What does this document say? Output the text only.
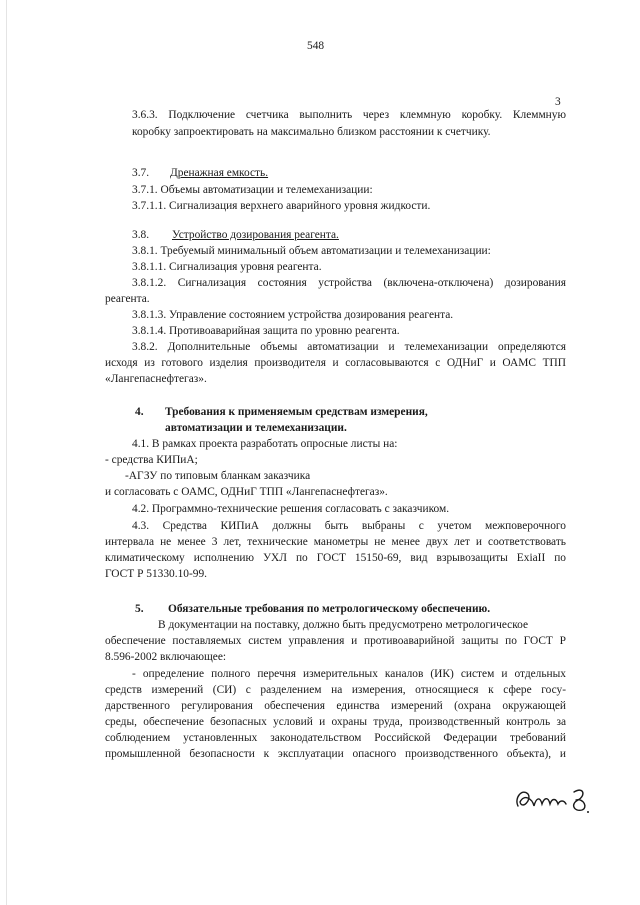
548
3
3.6.3. Подключение счетчика выполнить через клеммную коробку. Клеммную
коробку запроектировать на максимально близком расстоянии к счетчику.
3.7. Дренажная емкость.
3.7.1. Объемы автоматизации и телемеханизации:
3.7.1.1. Сигнализация верхнего аварийного уровня жидкости.
3.8. Устройство дозирования реагента.
3.8.1. Требуемый минимальный объем автоматизации и телемеханизации:
3.8.1.1. Сигнализация уровня реагента.
3.8.1.2. Сигнализация состояния устройства (включена-отключена) дозирования
реагента.
3.8.1.3. Управление состоянием устройства дозирования реагента.
3.8.1.4. Противоаварийная защита по уровню реагента.
3.8.2. Дополнительные объемы автоматизации и телемеханизации определяются
исходя из готового изделия производителя и согласовываются с ОДНиГ и ОАМС ТПП
«Лангепаснефтегаз».
4. Требования к применяемым средствам измерения,
автоматизации и телемеханизации.
4.1. В рамках проекта разработать опросные листы на:
- средства КИПиА;
-АГЗУ по типовым бланкам заказчика
и согласовать с ОАМС, ОДНиГ ТПП «Лангепаснефтегаз».
4.2. Программно-технические решения согласовать с заказчиком.
4.3. Средства КИПиА должны быть выбраны с учетом межповерочного
интервала не менее 3 лет, технические манометры не менее двух лет и соответствовать
климатическому исполнению УХЛ по ГОСТ 15150-69, вид взрывозащиты ExiaII по
ГОСТ Р 51330.10-99.
5. Обязательные требования по метрологическому обеспечению.
В документации на поставку, должно быть предусмотрено метрологическое
обеспечение поставляемых систем управления и противоаварийной защиты по ГОСТ Р
8.596-2002 включающее:
- определение полного перечня измерительных каналов (ИК) систем и отдельных
средств измерений (СИ) с разделением на измерения, относящиеся к сфере госу-
дарственного регулирования обеспечения единства измерений (охрана окружающей
среды, обеспечение безопасных условий и охраны труда, производственный контроль за
соблюдением установленных законодательством Российской Федерации требований
промышленной безопасности к эксплуатации опасного производственного объекта), и
